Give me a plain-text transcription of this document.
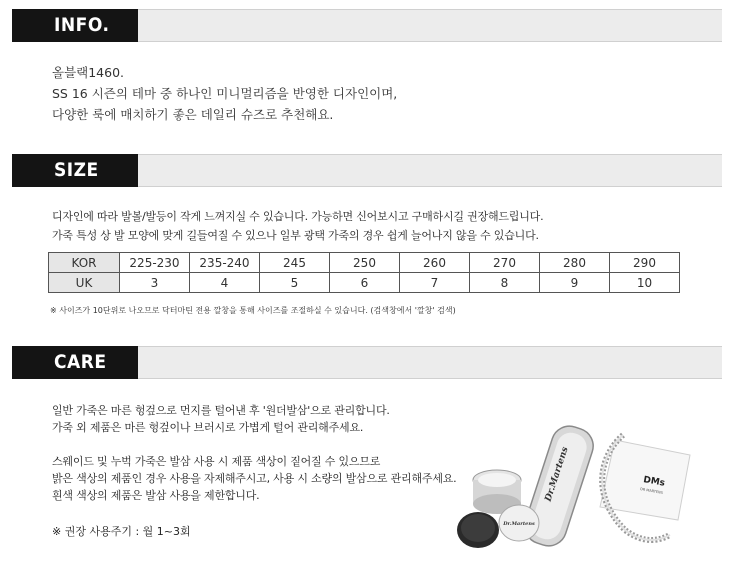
INFO.
올블랙1460.
SS 16 시즌의 테마 중 하나인 미니멀리즘을 반영한 디자인이며,
다양한 룩에 매치하기 좋은 데일리 슈즈로 추천해요.
SIZE
디자인에 따라 발볼/발등이 작게 느껴지실 수 있습니다. 가능하면 신어보시고 구매하시길 권장해드립니다.
가죽 특성 상 발 모양에 맞게 길들여질 수 있으나 일부 광택 가죽의 경우 쉽게 늘어나지 않을 수 있습니다.
KOR	225-230	235-240	245	250	260	270	280	290
UK	3	4	5	6	7	8	9	10
※ 사이즈가 10단위로 나오므로 닥터마틴 전용 깔창을 통해 사이즈를 조절하실 수 있습니다. (검색창에서 '깔창' 검색)
CARE
일반 가죽은 마른 헝겊으로 먼지를 털어낸 후 '원더발삼'으로 관리합니다.
가죽 외 제품은 마른 헝겊이나 브러시로 가볍게 털어 관리해주세요.
스웨이드 및 누벅 가죽은 발삼 사용 시 제품 색상이 짙어질 수 있으므로
밝은 색상의 제품인 경우 사용을 자제해주시고, 사용 시 소량의 발삼으로 관리해주세요.
흰색 색상의 제품은 발삼 사용을 제한합니다.
※ 권장 사용주기 : 월 1~3회
DMs
DR MARTENS
Dr.Martens
Dr.Martens
